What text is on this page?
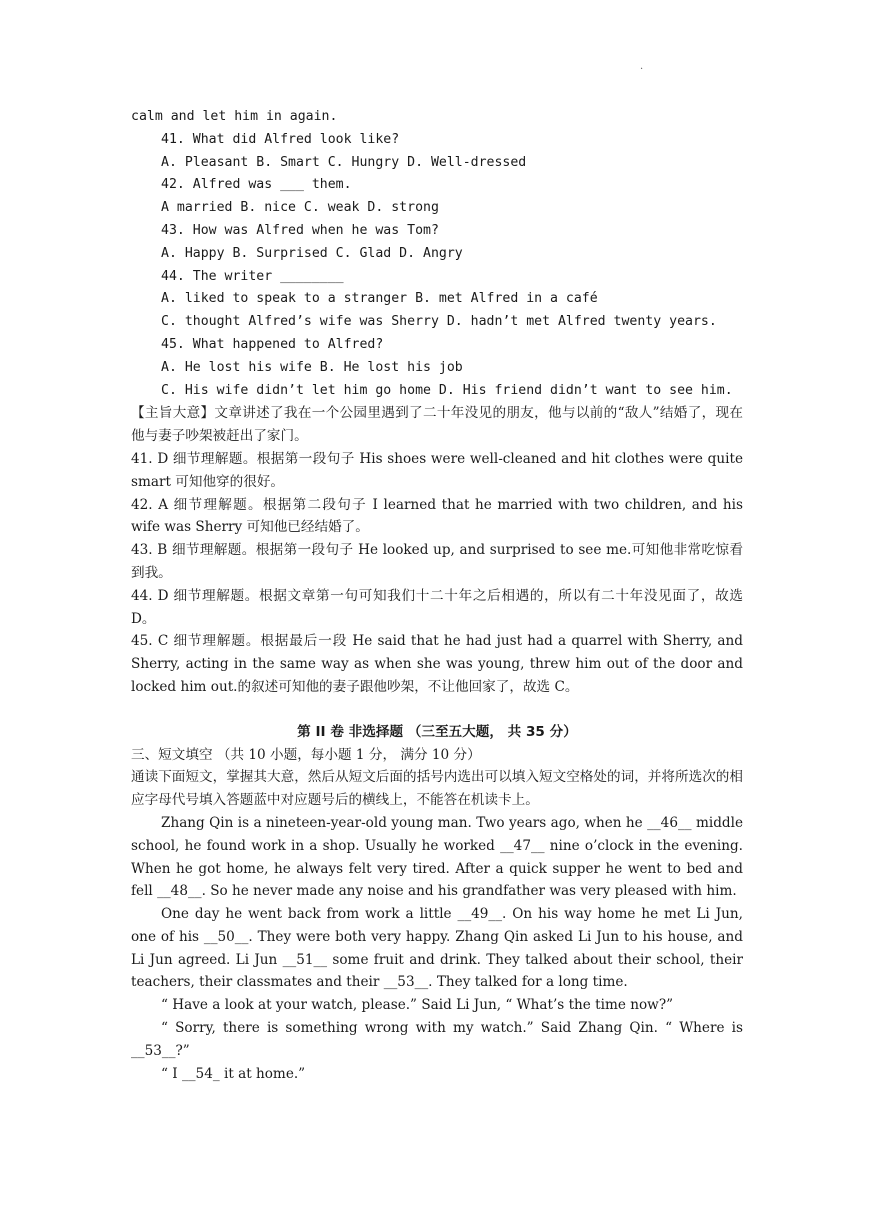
·

calm and let him in again.

41. What did Alfred look like?

A. Pleasant B. Smart C. Hungry D. Well-dressed

42. Alfred was ___ them.

A married B. nice C. weak D. strong

43. How was Alfred when he was Tom?

A. Happy B. Surprised C. Glad D. Angry

44. The writer ________

A. liked to speak to a stranger B. met Alfred in a café

C. thought Alfred’s wife was Sherry D. hadn’t met Alfred twenty years.

45. What happened to Alfred?

A. He lost his wife B. He lost his job

C. His wife didn’t let him go home D. His friend didn’t want to see him.

【主旨大意】文章讲述了我在一个公园里遇到了二十年没见的朋友，他与以前的“敌人”结婚了，现在他与妻子吵架被赶出了家门。

41. D 细节理解题。根据第一段句子 His shoes were well-cleaned and hit clothes were quite smart 可知他穿的很好。

42. A 细节理解题。根据第二段句子 I learned that he married with two children, and his wife was Sherry 可知他已经结婚了。

43. B 细节理解题。根据第一段句子 He looked up, and surprised to see me.可知他非常吃惊看到我。

44. D 细节理解题。根据文章第一句可知我们十二十年之后相遇的，所以有二十年没见面了，故选 D。

45. C 细节理解题。根据最后一段 He said that he had just had a quarrel with Sherry, and Sherry, acting in the same way as when she was young, threw him out of the door and locked him out.的叙述可知他的妻子跟他吵架，不让他回家了，故选 C。

第 II 卷 非选择题 （三至五大题， 共 35 分）

三、短文填空 （共 10 小题，每小题 1 分， 满分 10 分）

通读下面短文，掌握其大意，然后从短文后面的括号内选出可以填入短文空格处的词，并将所选次的相应字母代号填入答题蓝中对应题号后的横线上，不能答在机读卡上。

Zhang Qin is a nineteen-year-old young man. Two years ago, when he __46__ middle school, he found work in a shop. Usually he worked __47__ nine o’clock in the evening. When he got home, he always felt very tired. After a quick supper he went to bed and fell __48__. So he never made any noise and his grandfather was very pleased with him.

One day he went back from work a little __49__. On his way home he met Li Jun, one of his __50__. They were both very happy. Zhang Qin asked Li Jun to his house, and Li Jun agreed. Li Jun __51__ some fruit and drink. They talked about their school, their teachers, their classmates and their __53__. They talked for a long time.

“ Have a look at your watch, please.” Said Li Jun, “ What’s the time now?”

“ Sorry, there is something wrong with my watch.” Said Zhang Qin. “ Where is __53__?”

“ I __54_ it at home.”
